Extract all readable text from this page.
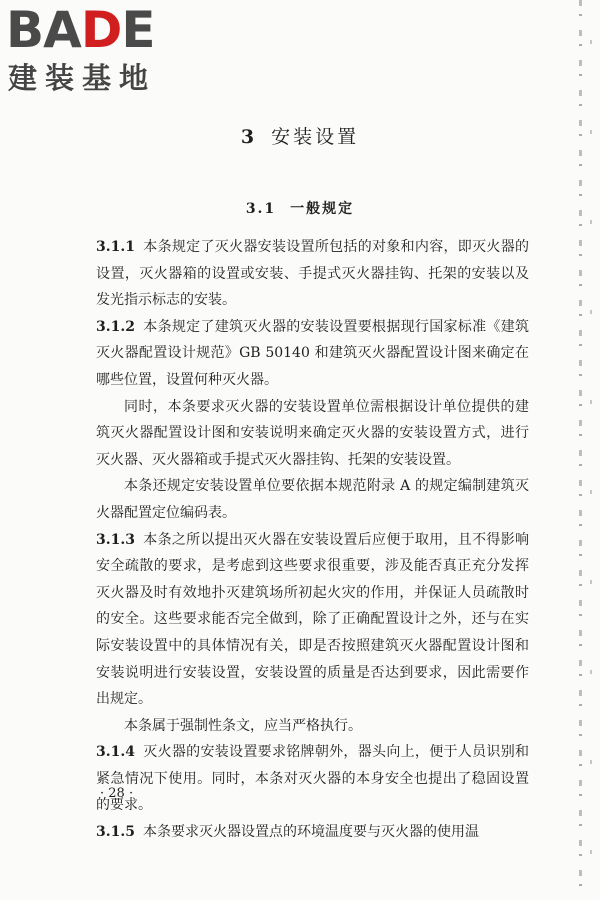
BADE
建装基地
3 安装设置
3.1 一般规定

3.1.1 本条规定了灭火器安装设置所包括的对象和内容，即灭火器的设置，灭火器箱的设置或安装、手提式灭火器挂钩、托架的安装以及发光指示标志的安装。

3.1.2 本条规定了建筑灭火器的安装设置要根据现行国家标准《建筑灭火器配置设计规范》GB 50140 和建筑灭火器配置设计图来确定在哪些位置，设置何种灭火器。

同时，本条要求灭火器的安装设置单位需根据设计单位提供的建筑灭火器配置设计图和安装说明来确定灭火器的安装设置方式，进行灭火器、灭火器箱或手提式灭火器挂钩、托架的安装设置。

本条还规定安装设置单位要依据本规范附录 A 的规定编制建筑灭火器配置定位编码表。

3.1.3 本条之所以提出灭火器在安装设置后应便于取用，且不得影响安全疏散的要求，是考虑到这些要求很重要，涉及能否真正充分发挥灭火器及时有效地扑灭建筑场所初起火灾的作用，并保证人员疏散时的安全。这些要求能否完全做到，除了正确配置设计之外，还与在实际安装设置中的具体情况有关，即是否按照建筑灭火器配置设计图和安装说明进行安装设置，安装设置的质量是否达到要求，因此需要作出规定。

本条属于强制性条文，应当严格执行。

3.1.4 灭火器的安装设置要求铭牌朝外，器头向上，便于人员识别和紧急情况下使用。同时，本条对灭火器的本身安全也提出了稳固设置的要求。

3.1.5 本条要求灭火器设置点的环境温度要与灭火器的使用温

· 28 ·
